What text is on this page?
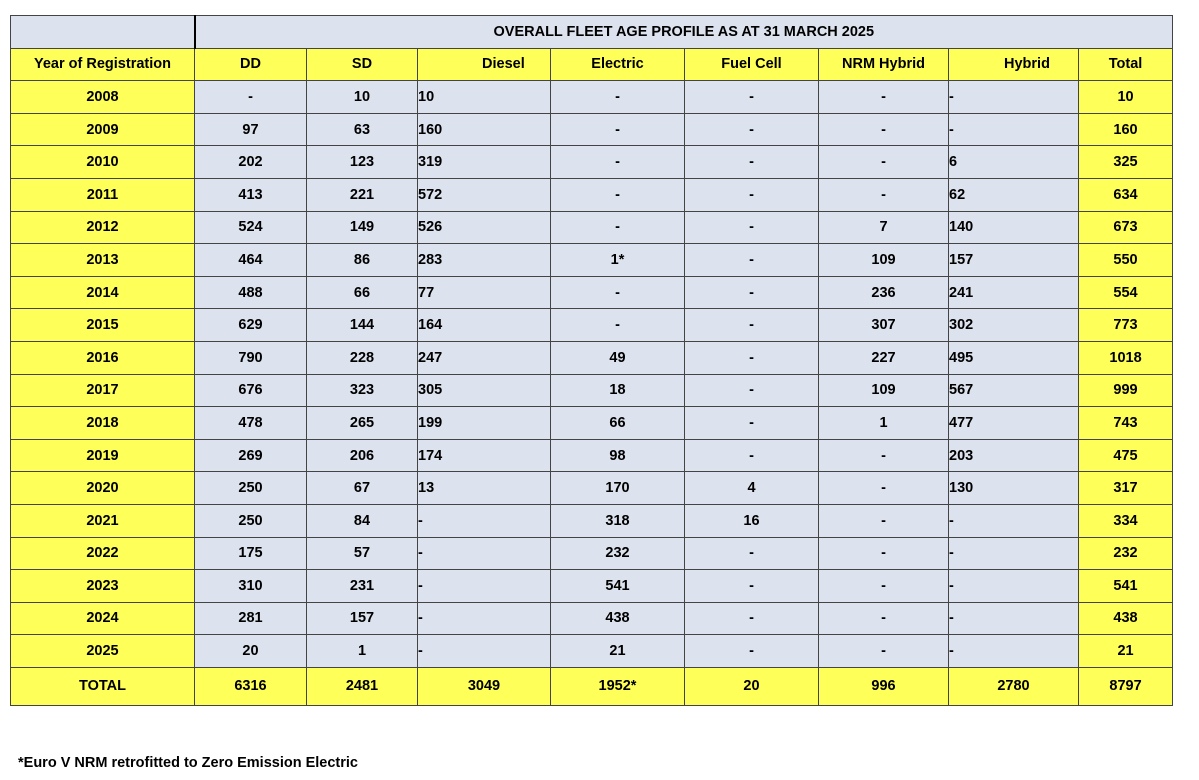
	OVERALL FLEET AGE PROFILE AS AT 31 MARCH 2025							
Year of Registration	DD	SD	Diesel	Electric	Fuel Cell	NRM Hybrid	Hybrid	Total
2008	-	10	10	-	-	-	-	10
2009	97	63	160	-	-	-	-	160
2010	202	123	319	-	-	-	6	325
2011	413	221	572	-	-	-	62	634
2012	524	149	526	-	-	7	140	673
2013	464	86	283	1*	-	109	157	550
2014	488	66	77	-	-	236	241	554
2015	629	144	164	-	-	307	302	773
2016	790	228	247	49	-	227	495	1018
2017	676	323	305	18	-	109	567	999
2018	478	265	199	66	-	1	477	743
2019	269	206	174	98	-	-	203	475
2020	250	67	13	170	4	-	130	317
2021	250	84	-	318	16	-	-	334
2022	175	57	-	232	-	-	-	232
2023	310	231	-	541	-	-	-	541
2024	281	157	-	438	-	-	-	438
2025	20	1	-	21	-	-	-	21
TOTAL	6316	2481	3049	1952*	20	996	2780	8797
*Euro V NRM retrofitted to Zero Emission Electric
